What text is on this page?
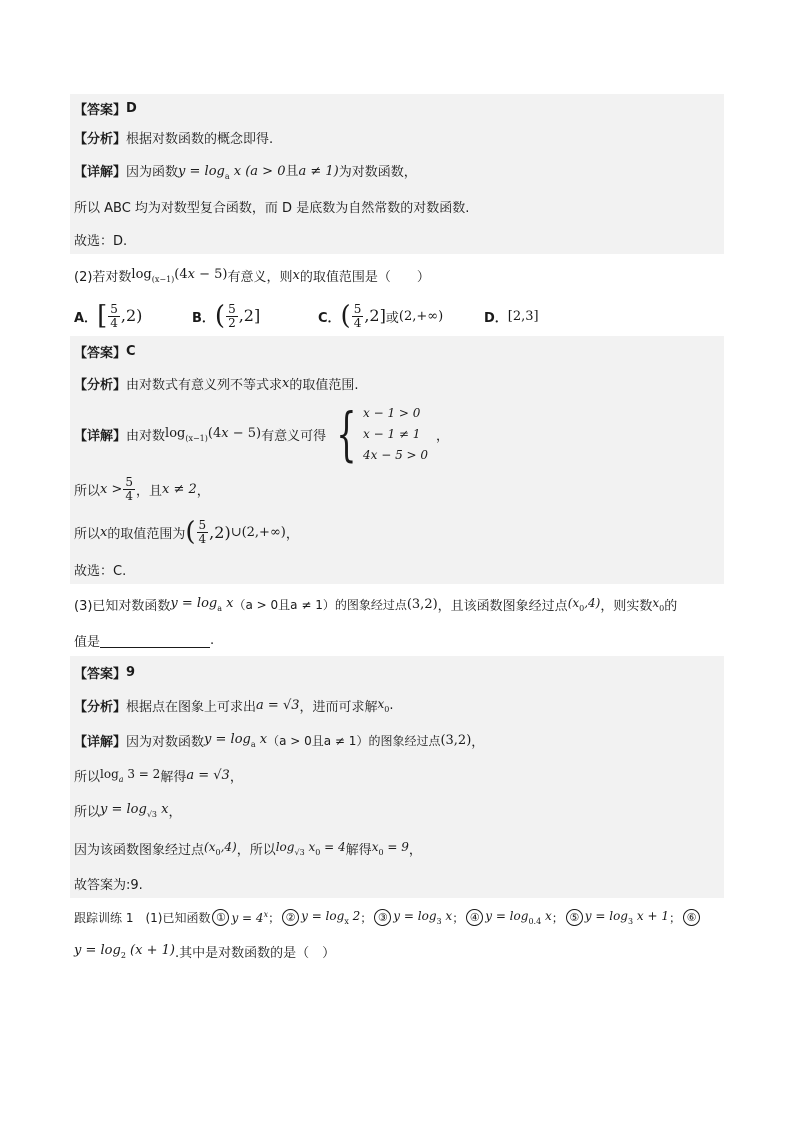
【答案】 D
【分析】 根据对数函数的概念即得.
【详解】 因为函数 $y = \log_a x$ (a > 0且a ≠ 1) 为对数函数，
所以 ABC 均为对数型复合函数，而 D 是底数为自然常数的对数函数.
故选：D.
(2)若对数 $\log_{(x-1)}(4x - 5)$ 有意义，则 x 的取值范围是（　　）
A． [ $\frac{5}{4} ,2$)	B． ( $\frac{5}{2} ,2$]	C． ( $\frac{5}{4} ,2$] 或 (2,+∞)	D． [2,3]
【答案】 C
【分析】 由对数式有意义列不等式求 x 的取值范围.
【详解】 由对数 $\log_{(x-1)}(4x - 5)$ 有意义可得 { x − 1 > 0
x − 1 ≠ 1
4x − 5 > 0
，
所以 $x > \frac{5}{4}$ ，且 x ≠ 2 ，
所以 x 的取值范围为 ( $\frac{5}{4} ,2$) ∪(2,+∞) ，
故选：C.
(3)已知对数函数 $y = \log_a x$ （a > 0且a ≠ 1）的图象经过点 (3,2) ，且该函数图象经过点 $(x_0,4)$ ，则实数 $x_0$ 的
值是	.
【答案】 9
【分析】 根据点在图象上可求出 a = √3 ，进而可求解 $x_0$ .
【详解】 因为对数函数 $y = \log_a x$ （a > 0且a ≠ 1）的图象经过点 (3,2) ，
所以 $\log_a 3 = 2$ 解得 a = √3 ，
所以 $y = \log_{√3} x$ ，
因为该函数图象经过点 $(x_0,4)$ ，所以 $\log_{√3} x_0 = 4$ 解得 $x_0 = 9$ ，
故答案为:9.
跟踪训练 1　(1)已知函数 ① $y = 4^x$ ； ② $y = \log_x 2$ ； ③ $y = \log_3 x$ ； ④ $y = \log_{0.4} x$ ； ⑤ $y = \log_3 x + 1$ ； ⑥
$y = \log_2 (x + 1)$ .其中是对数函数的是（　）
